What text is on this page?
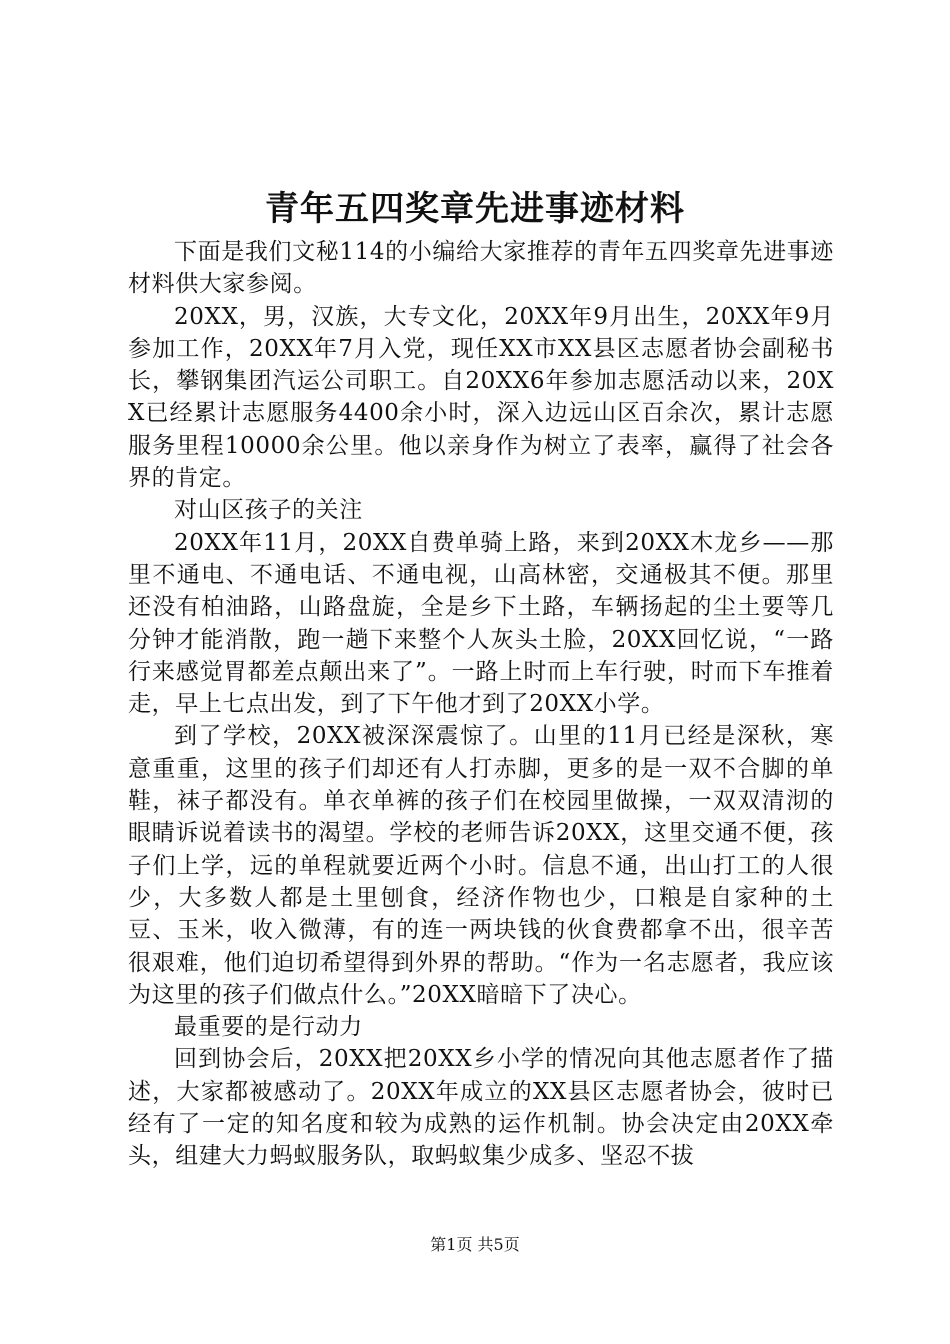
青年五四奖章先进事迹材料

下面是我们文秘114的小编给大家推荐的青年五四奖章先进事迹材料供大家参阅。

20XX，男，汉族，大专文化，20XX年9月出生，20XX年9月参加工作，20XX年7月入党，现任XX市XX县区志愿者协会副秘书长，攀钢集团汽运公司职工。自20XX6年参加志愿活动以来，20XX已经累计志愿服务4400余小时，深入边远山区百余次，累计志愿服务里程10000余公里。他以亲身作为树立了表率，赢得了社会各界的肯定。

对山区孩子的关注

20XX年11月，20XX自费单骑上路，来到20XX木龙乡——那里不通电、不通电话、不通电视，山高林密，交通极其不便。那里还没有柏油路，山路盘旋，全是乡下土路，车辆扬起的尘土要等几分钟才能消散，跑一趟下来整个人灰头土脸，20XX回忆说，“一路行来感觉胃都差点颠出来了”。一路上时而上车行驶，时而下车推着走，早上七点出发，到了下午他才到了20XX小学。

到了学校，20XX被深深震惊了。山里的11月已经是深秋，寒意重重，这里的孩子们却还有人打赤脚，更多的是一双不合脚的单鞋，袜子都没有。单衣单裤的孩子们在校园里做操，一双双清沏的眼睛诉说着读书的渴望。学校的老师告诉20XX，这里交通不便，孩子们上学，远的单程就要近两个小时。信息不通，出山打工的人很少，大多数人都是土里刨食，经济作物也少，口粮是自家种的土豆、玉米，收入微薄，有的连一两块钱的伙食费都拿不出，很辛苦很艰难，他们迫切希望得到外界的帮助。“作为一名志愿者，我应该为这里的孩子们做点什么。”20XX暗暗下了决心。

最重要的是行动力

回到协会后，20XX把20XX乡小学的情况向其他志愿者作了描述，大家都被感动了。20XX年成立的XX县区志愿者协会，彼时已经有了一定的知名度和较为成熟的运作机制。协会决定由20XX牵头，组建大力蚂蚁服务队，取蚂蚁集少成多、坚忍不拔

第1页 共5页
